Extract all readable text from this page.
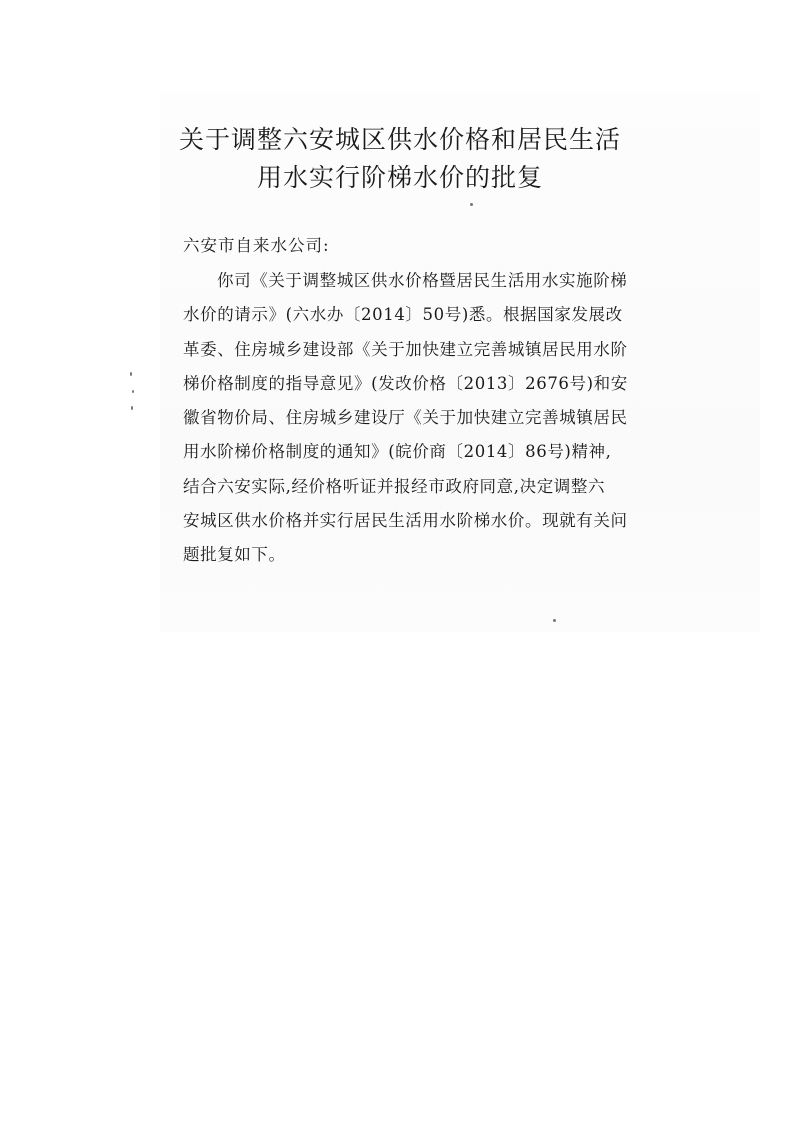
关于调整六安城区供水价格和居民生活
用水实行阶梯水价的批复
六安市自来水公司:
你司《关于调整城区供水价格暨居民生活用水实施阶梯
水价的请示》(六水办〔2014〕50号)悉。根据国家发展改
革委、住房城乡建设部《关于加快建立完善城镇居民用水阶
梯价格制度的指导意见》(发改价格〔2013〕2676号)和安
徽省物价局、住房城乡建设厅《关于加快建立完善城镇居民
用水阶梯价格制度的通知》(皖价商〔2014〕86号)精神,
结合六安实际,经价格听证并报经市政府同意,决定调整六
安城区供水价格并实行居民生活用水阶梯水价。现就有关问
题批复如下。
